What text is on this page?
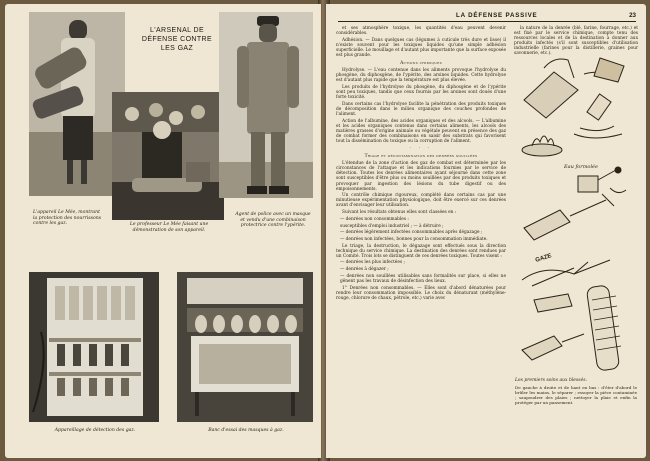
L'appareil Le Mée, montrant la protection des nourrissons contre les gaz.
L'ARSENAL DE DÉFENSE CONTRE LES GAZ
Le professeur Le Mée faisant une démonstration de son appareil.
Agent de police avec un masque et vendu d'une combinaison protectrice contre l'ypérite.
Appareillage de détection des gaz.	Banc d'essai des masques à gaz.
LA DÉFENSE PASSIVE	23

et ses atmosphère toxique, les quantités d'eau peuvent devenir considérables.

Adhésion. — Dans quelques cas (légumes à cuticule très dure et lisse) il n'existe souvent pour les toxiques liquides qu'une simple adhésion superficielle. Le mouillage et d'autant plus importante que la surface exposée est plus grande.

Actions chimiques

Hydrolyse. — L'eau contenue dans les aliments provoque l'hydrolyse du phosgène, du diphosgène, de l'ypérite, des arsines liquides. Cette hydrolyse est d'autant plus rapide que la température est plus élevée.

Les produits de l'hydrolyse du phosgène, du diphosgène et de l'ypérite sont peu toxiques, tandis que ceux fournis par les arsines sont doués d'une forte toxicité.

Dans certains cas l'hydrolyse facilite la pénétration des produits toxiques de décomposition dans le milieu organique des couches profondes de l'aliment.

Action de l'albumine, des acides organiques et des alcools. — L'albumine et les acides organiques contenus dans certains aliments, les alcools des matières grasses d'origine animale ou végétale peuvent en présence des gaz de combat former des combinaisons en saisir des substrats qui favorisent tout la dissémination du toxique ou la corruption de l'aliment.

· · ·

Triage et décontamination des denrées souillées

L'étendue de la zone d'action des gaz de combat est déterminée par les circonstances de l'attaque et les indications fournies par le service de détection. Toutes les denrées alimentaires ayant séjourné dans cette zone sont susceptibles d'être plus ou moins souillées par des produits toxiques et provoquer par ingestion des lésions du tube digestif ou des empoisonnements.

Un contrôle chimique rigoureux, complété dans certains cas par une minutieuse expérimentation physiologique, doit être exercé sur ces denrées avant d'envisager leur utilisation.

Suivant les résultats obtenus elles sont classées en :

— denrées non consommables :

susceptibles d'emploi industriel ; — à détruire ;

— denrées légèrement infectées consommables après dégazage ;

— denrées non infectées, bonnes pour la consommation immédiate.

Le triage, la destruction, le dégazage sont effectués sous la direction technique du service chimique. La destination des denrées sont rendues par un Comité. Trois lots se distinguent de ces denrées toxiques. Toutes visent :

— denrées les plus infectées ;

— denrées à dégazer ;

— denrées non souillées utilisables sans formalités sur place, si elles ne gênent pas les travaux de désinfection des lieux.

1° Denrées non consommables. — Elles sont d'abord dénaturées pour rendre leur consommation impossible. Le choix du dénaturant (méthylène-rouge, chlorure de chaux, pétrole, etc.) varie avec

la nature de la denrée (blé, farine, fourrage, etc.) et est fixé par le service chimique, compte tenu des ressources locales et de la destination à donner aux produits infectés (s'il sont susceptibles d'utilisation industrielle (farines pour la distillerie, graines pour savonnerie, etc.).

Eau formolée
GAZE
Les premiers soins aux blessés.

De gauche à droite et de haut en bas : d'ôter d'abord le brûler les mains, le séparer ; essuyer la pièce contaminée ; saupoudrer des plaies ; nettoyer la plaie et enfin la protéger par un pansement.
